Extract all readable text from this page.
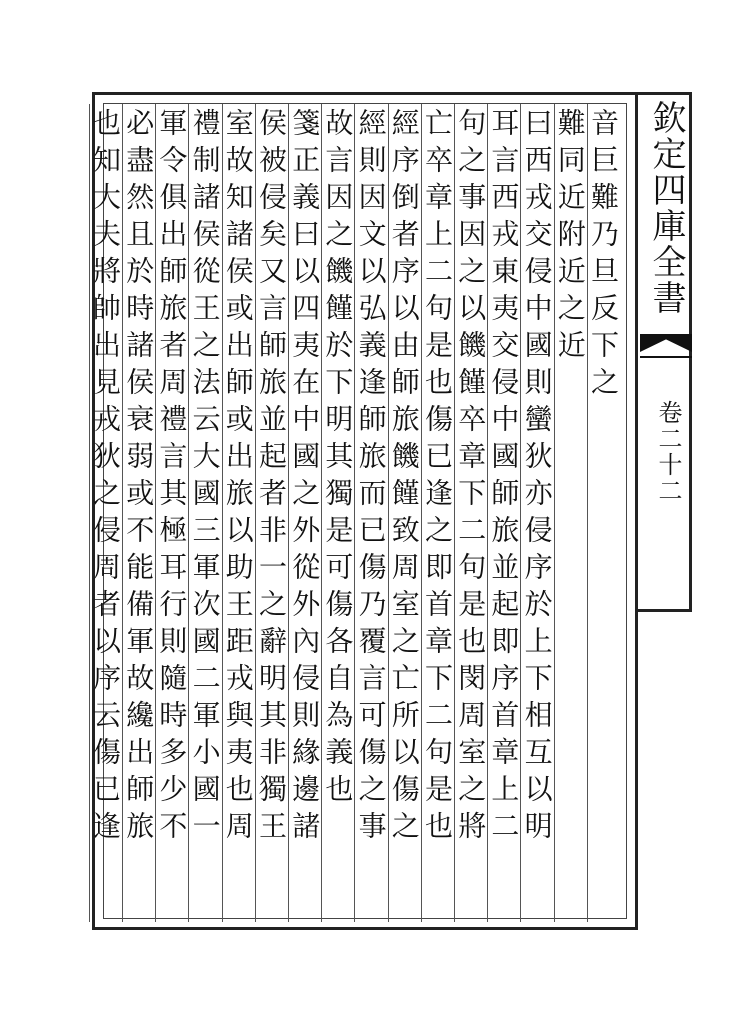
欽定四庫全書
卷二十二
音巨難乃旦反下之
難同近附近之近
曰西戎交侵中國則蠻狄亦侵序於上下相互以明
耳言西戎東夷交侵中國師旅並起即序首章上二
句之事因之以饑饉卒章下二句是也閔周室之將
亡卒章上二句是也傷已逢之即首章下二句是也
經序倒者序以由師旅饑饉致周室之亡所以傷之
經則因文以弘義逢師旅而已傷乃覆言可傷之事
故言因之饑饉於下明其獨是可傷各自為義也
箋正義曰以四夷在中國之外從外內侵則緣邊諸
侯被侵矣又言師旅並起者非一之辭明其非獨王
室故知諸侯或出師或出旅以助王距戎與夷也周
禮制諸侯從王之法云大國三軍次國二軍小國一
軍令俱出師旅者周禮言其極耳行則隨時多少不
必盡然且於時諸侯衰弱或不能備軍故纔出師旅
也知大夫將帥出見戎狄之侵周者以序云傷已逢
